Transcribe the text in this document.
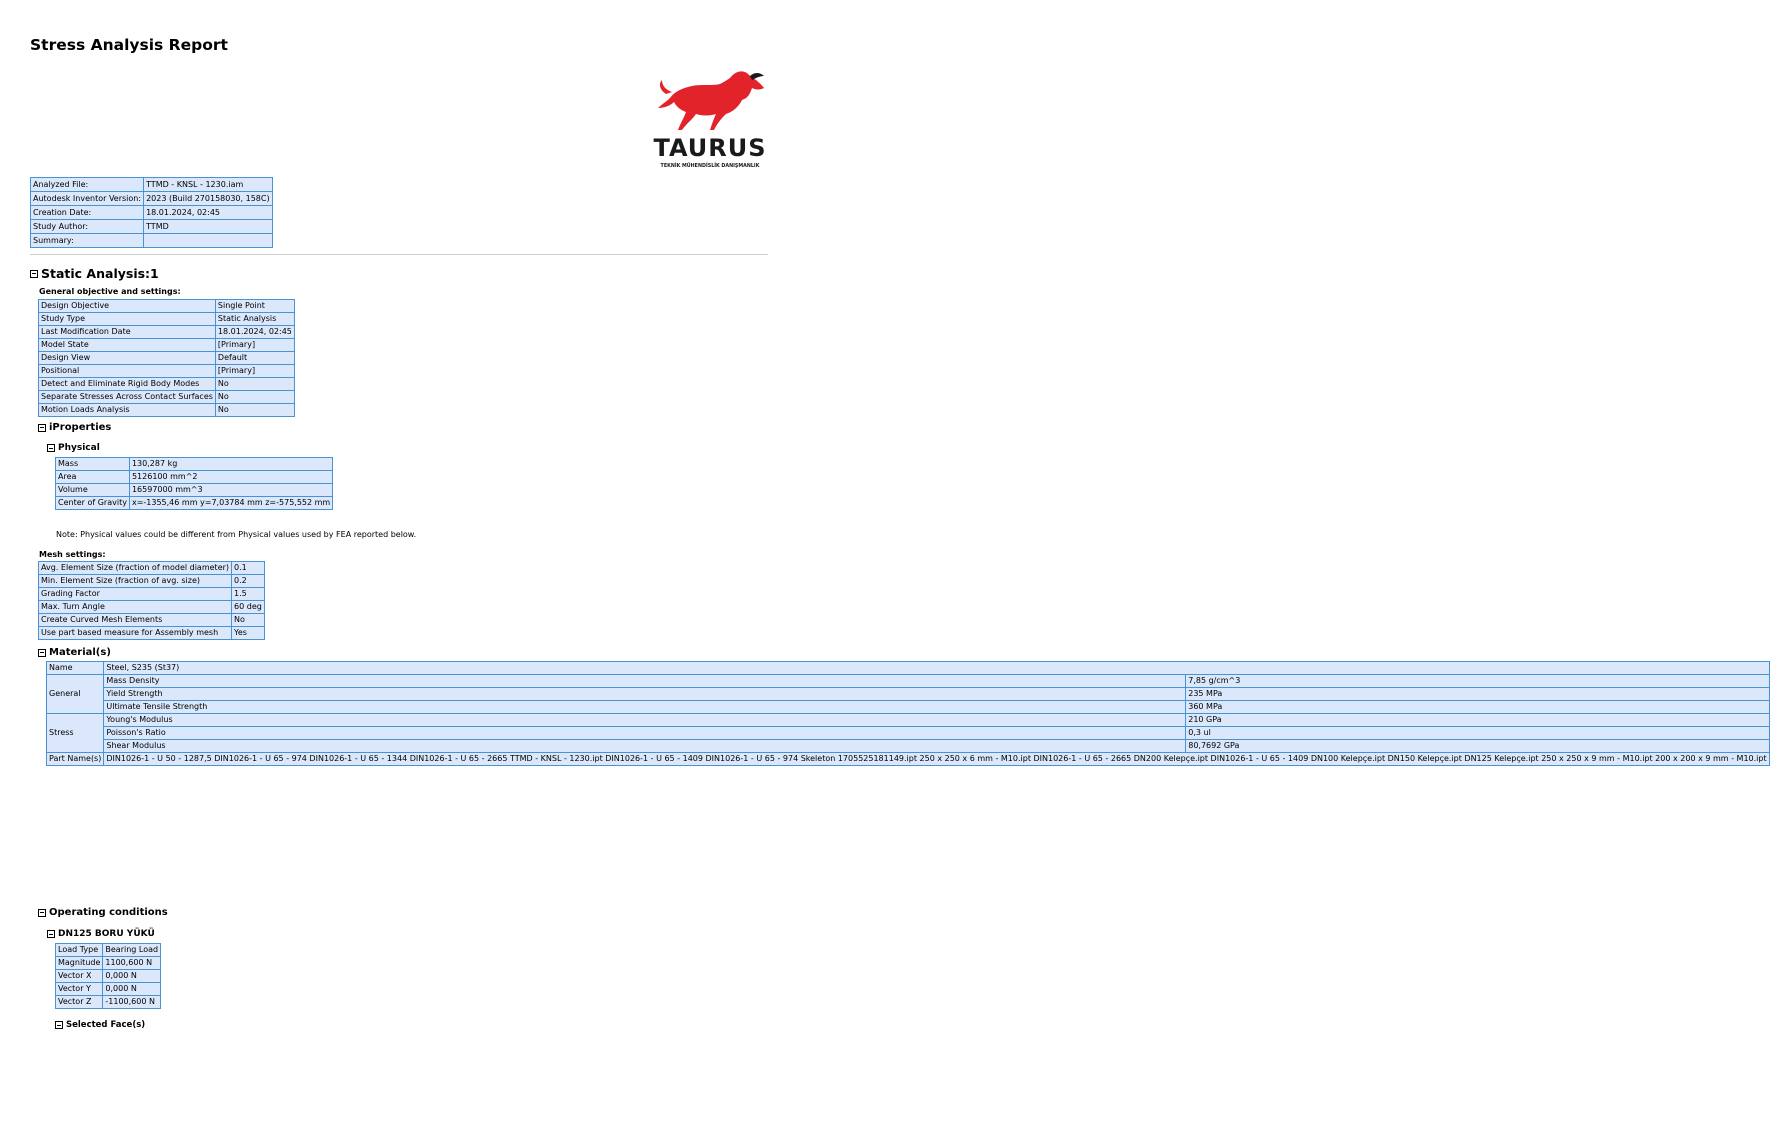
Stress Analysis Report
TAURUS
TEKNİK MÜHENDİSLİK DANIŞMANLIK
Analyzed File:	TTMD - KNSL - 1230.iam
Autodesk Inventor Version:	2023 (Build 270158030, 158C)
Creation Date:	18.01.2024, 02:45
Study Author:	TTMD
Summary:	
Static Analysis:1
General objective and settings:
Design Objective	Single Point
Study Type	Static Analysis
Last Modification Date	18.01.2024, 02:45
Model State	[Primary]
Design View	Default
Positional	[Primary]
Detect and Eliminate Rigid Body Modes	No
Separate Stresses Across Contact Surfaces	No
Motion Loads Analysis	No
iProperties
Physical
Mass	130,287 kg
Area	5126100 mm^2
Volume	16597000 mm^3
Center of Gravity	x=-1355,46 mm y=7,03784 mm z=-575,552 mm
Note: Physical values could be different from Physical values used by FEA reported below.
Mesh settings:
Avg. Element Size (fraction of model diameter)	0.1
Min. Element Size (fraction of avg. size)	0.2
Grading Factor	1.5
Max. Turn Angle	60 deg
Create Curved Mesh Elements	No
Use part based measure for Assembly mesh	Yes
Material(s)
Name	Steel, S235 (St37)	
General	Mass Density	7,85 g/cm^3
	Yield Strength	235 MPa
	Ultimate Tensile Strength	360 MPa
Stress	Young's Modulus	210 GPa
	Poisson's Ratio	0,3 ul
	Shear Modulus	80,7692 GPa
Part Name(s)	DIN1026-1 - U 50 - 1287,5 DIN1026-1 - U 65 - 974 DIN1026-1 - U 65 - 1344 DIN1026-1 - U 65 - 2665 TTMD - KNSL - 1230.ipt DIN1026-1 - U 65 - 1409 DIN1026-1 - U 65 - 974 Skeleton 1705525181149.ipt 250 x 250 x 6 mm - M10.ipt DIN1026-1 - U 65 - 2665 DN200 Kelepçe.ipt DIN1026-1 - U 65 - 1409 DN100 Kelepçe.ipt DN150 Kelepçe.ipt DN125 Kelepçe.ipt 250 x 250 x 9 mm - M10.ipt 200 x 200 x 9 mm - M10.ipt	
Operating conditions
DN125 BORU YÜKÜ
Load Type	Bearing Load
Magnitude	1100,600 N
Vector X	0,000 N
Vector Y	0,000 N
Vector Z	-1100,600 N
Selected Face(s)
